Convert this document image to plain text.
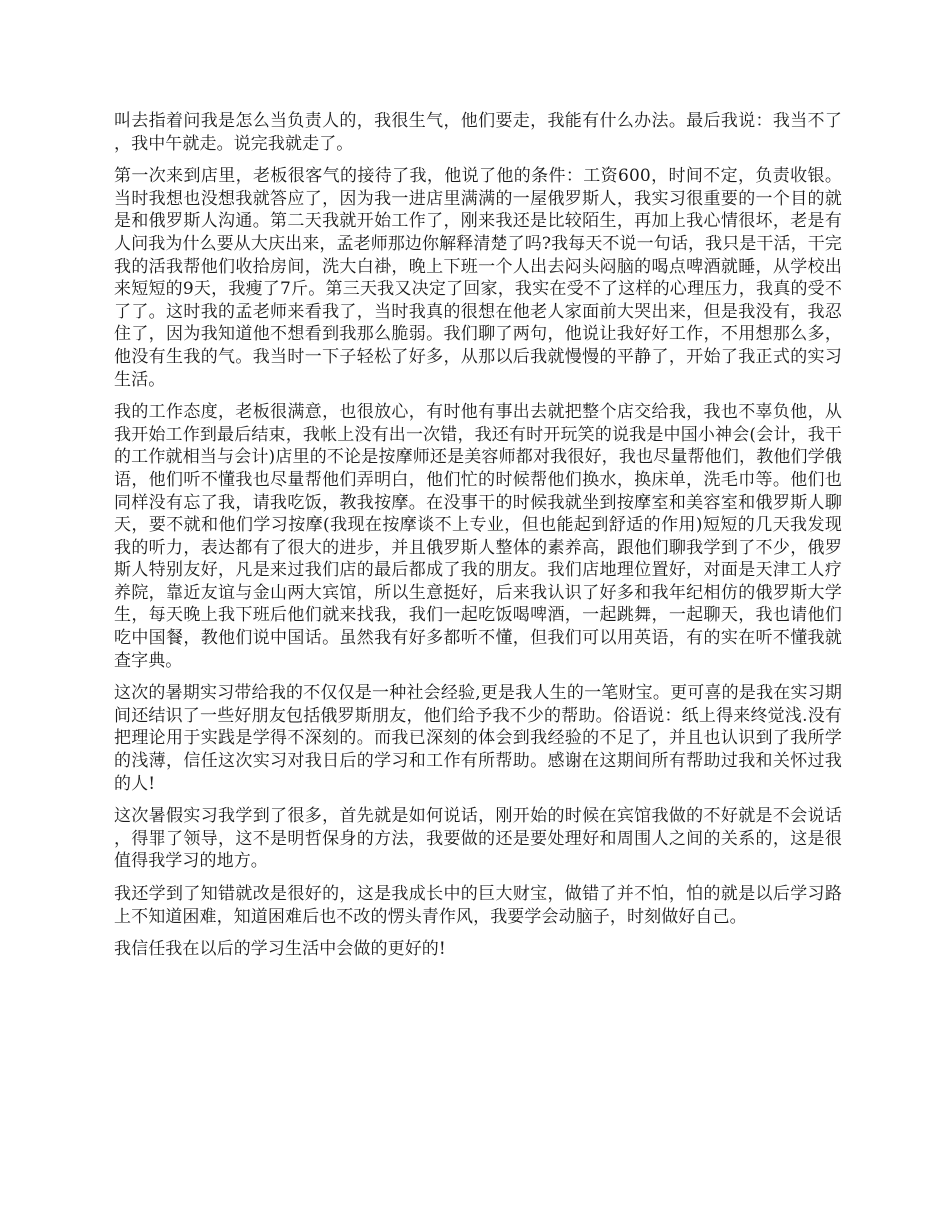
叫去指着问我是怎么当负责人的，我很生气，他们要走，我能有什么办法。最后我说：我当不了，我中午就走。说完我就走了。

第一次来到店里，老板很客气的接待了我，他说了他的条件：工资600，时间不定，负责收银。当时我想也没想我就答应了，因为我一进店里满满的一屋俄罗斯人，我实习很重要的一个目的就是和俄罗斯人沟通。第二天我就开始工作了，刚来我还是比较陌生，再加上我心情很坏，老是有人问我为什么要从大庆出来，孟老师那边你解释清楚了吗?我每天不说一句话，我只是干活，干完我的活我帮他们收拾房间，洗大白褂，晚上下班一个人出去闷头闷脑的喝点啤酒就睡，从学校出来短短的9天，我瘦了7斤。第三天我又决定了回家，我实在受不了这样的心理压力，我真的受不了了。这时我的孟老师来看我了，当时我真的很想在他老人家面前大哭出来，但是我没有，我忍住了，因为我知道他不想看到我那么脆弱。我们聊了两句，他说让我好好工作，不用想那么多，他没有生我的气。我当时一下子轻松了好多，从那以后我就慢慢的平静了，开始了我正式的实习生活。

我的工作态度，老板很满意，也很放心，有时他有事出去就把整个店交给我，我也不辜负他，从我开始工作到最后结束，我帐上没有出一次错，我还有时开玩笑的说我是中国小神会(会计，我干的工作就相当与会计)店里的不论是按摩师还是美容师都对我很好，我也尽量帮他们，教他们学俄语，他们听不懂我也尽量帮他们弄明白，他们忙的时候帮他们换水，换床单，洗毛巾等。他们也同样没有忘了我，请我吃饭，教我按摩。在没事干的时候我就坐到按摩室和美容室和俄罗斯人聊天，要不就和他们学习按摩(我现在按摩谈不上专业，但也能起到舒适的作用)短短的几天我发现我的听力，表达都有了很大的进步，并且俄罗斯人整体的素养高，跟他们聊我学到了不少，俄罗斯人特别友好，凡是来过我们店的最后都成了我的朋友。我们店地理位置好，对面是天津工人疗养院，靠近友谊与金山两大宾馆，所以生意挺好，后来我认识了好多和我年纪相仿的俄罗斯大学生，每天晚上我下班后他们就来找我，我们一起吃饭喝啤酒，一起跳舞，一起聊天，我也请他们吃中国餐，教他们说中国话。虽然我有好多都听不懂，但我们可以用英语，有的实在听不懂我就查字典。

这次的暑期实习带给我的不仅仅是一种社会经验,更是我人生的一笔财宝。更可喜的是我在实习期间还结识了一些好朋友包括俄罗斯朋友，他们给予我不少的帮助。俗语说：纸上得来终觉浅.没有把理论用于实践是学得不深刻的。而我已深刻的体会到我经验的不足了，并且也认识到了我所学的浅薄，信任这次实习对我日后的学习和工作有所帮助。感谢在这期间所有帮助过我和关怀过我的人!

这次暑假实习我学到了很多，首先就是如何说话，刚开始的时候在宾馆我做的不好就是不会说话，得罪了领导，这不是明哲保身的方法，我要做的还是要处理好和周围人之间的关系的，这是很值得我学习的地方。

我还学到了知错就改是很好的，这是我成长中的巨大财宝，做错了并不怕，怕的就是以后学习路上不知道困难，知道困难后也不改的愣头青作风，我要学会动脑子，时刻做好自己。

我信任我在以后的学习生活中会做的更好的!
